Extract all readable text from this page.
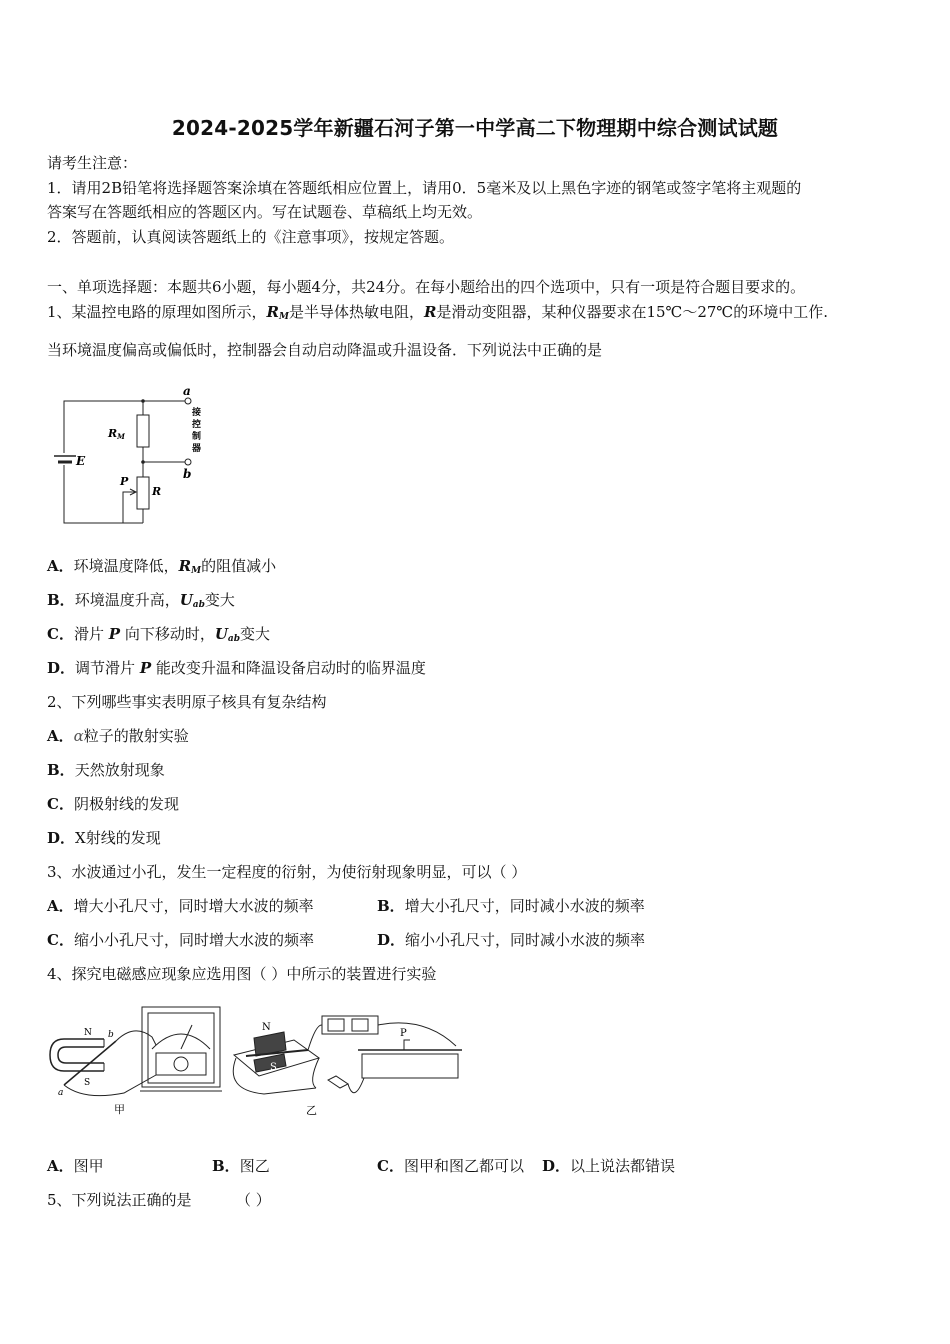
2024-2025学年新疆石河子第一中学高二下物理期中综合测试试题
请考生注意：
1．请用2B铅笔将选择题答案涂填在答题纸相应位置上，请用0．5毫米及以上黑色字迹的钢笔或签字笔将主观题的
答案写在答题纸相应的答题区内。写在试题卷、草稿纸上均无效。
2．答题前，认真阅读答题纸上的《注意事项》，按规定答题。
一、单项选择题：本题共6小题，每小题4分，共24分。在每小题给出的四个选项中，只有一项是符合题目要求的。
1、某温控电路的原理如图所示，$R_M$是半导体热敏电阻，R是滑动变阻器，某种仪器要求在15℃～27℃的环境中工作.
当环境温度偏高或偏低时，控制器会自动启动降温或升温设备．下列说法中正确的是
a
b
RM
E
P
R
接
控
制
器
A．环境温度降低，$R_M$的阻值减小
B．环境温度升高，$U_{ab}$变大
C．滑片 P 向下移动时，$U_{ab}$变大
D．调节滑片 P 能改变升温和降温设备启动时的临界温度
2、下列哪些事实表明原子核具有复杂结构
A．α粒子的散射实验
B．天然放射现象
C．阴极射线的发现
D．X射线的发现
3、水波通过小孔，发生一定程度的衍射，为使衍射现象明显，可以（ ）
A．增大小孔尺寸，同时增大水波的频率	B．增大小孔尺寸，同时减小水波的频率
C．缩小小孔尺寸，同时增大水波的频率	D．缩小小孔尺寸，同时减小水波的频率
4、探究电磁感应现象应选用图（ ）中所示的装置进行实验
N
S
a
b
甲
N
S
P
乙
A．图甲	B．图乙	C．图甲和图乙都可以 D．以上说法都错误
5、下列说法正确的是	（ ）
